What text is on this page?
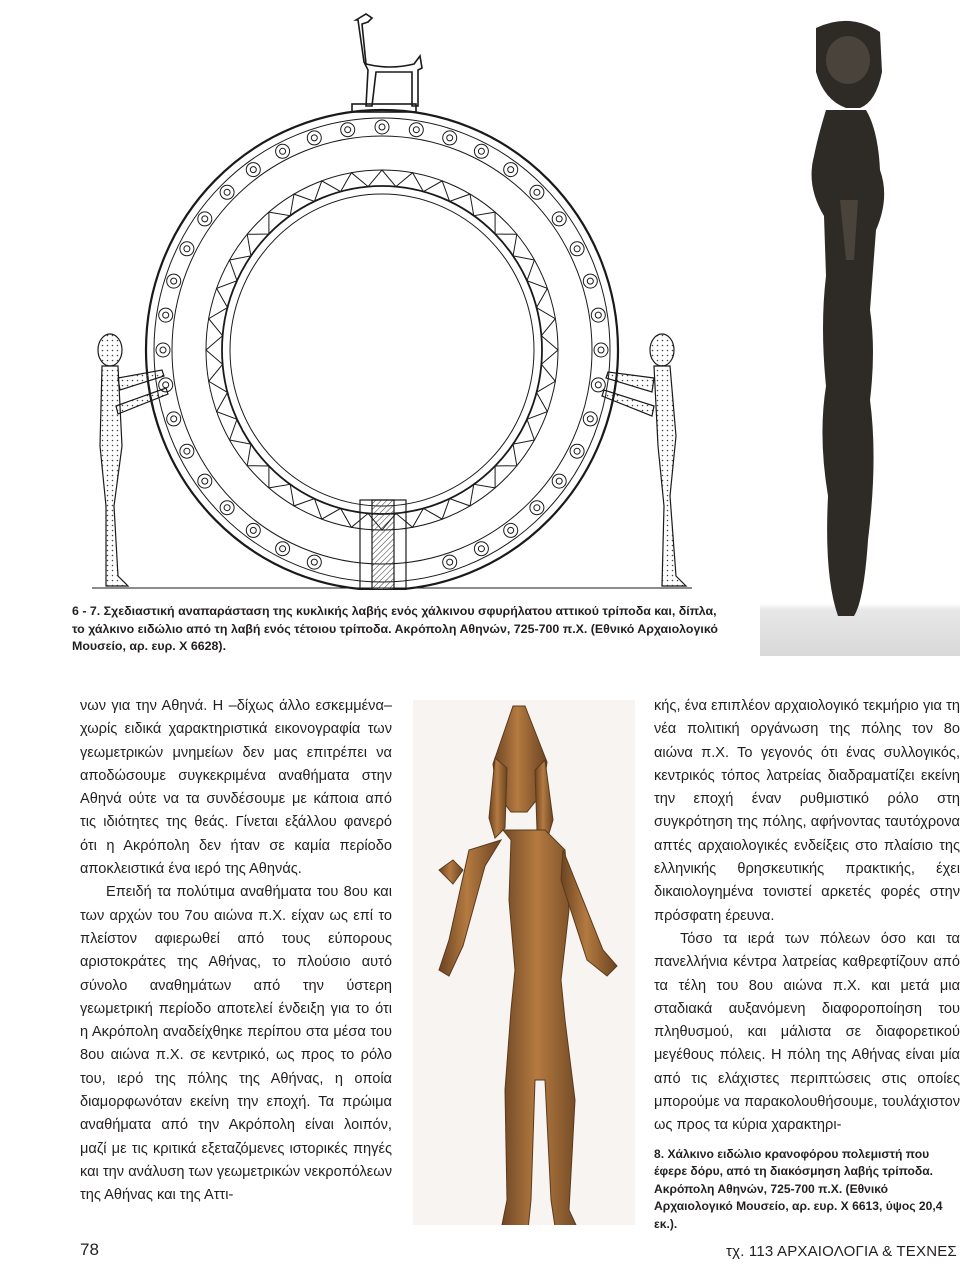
6 - 7. Σχεδιαστική αναπαράσταση της κυκλικής λαβής ενός χάλκινου σφυρήλατου αττικού τρίποδα και, δίπλα, το χάλκινο ειδώλιο από τη λαβή ενός τέτοιου τρίποδα. Ακρόπολη Αθηνών, 725-700 π.Χ. (Εθνικό Αρχαιολογικό Μουσείο, αρ. ευρ. Χ 6628).

νων για την Αθηνά. Η –δίχως άλλο εσκεμμένα– χωρίς ειδικά χαρακτηριστικά εικονογραφία των γεωμετρικών μνημείων δεν μας επιτρέπει να αποδώσουμε συγκεκριμένα αναθήματα στην Αθηνά ούτε να τα συνδέσουμε με κάποια από τις ιδιότητες της θεάς. Γίνεται εξάλλου φανερό ότι η Ακρόπολη δεν ήταν σε καμία περίοδο αποκλειστικά ένα ιερό της Αθηνάς.

Επειδή τα πολύτιμα αναθήματα του 8ου και των αρχών του 7ου αιώνα π.Χ. είχαν ως επί το πλείστον αφιερωθεί από τους εύπορους αριστοκράτες της Αθήνας, το πλούσιο αυτό σύνολο αναθημάτων από την ύστερη γεωμετρική περίοδο αποτελεί ένδειξη για το ότι η Ακρόπολη αναδείχθηκε περίπου στα μέσα του 8ου αιώνα π.Χ. σε κεντρικό, ως προς το ρόλο του, ιερό της πόλης της Αθήνας, η οποία διαμορφωνόταν εκείνη την εποχή. Τα πρώιμα αναθήματα από την Ακρόπολη είναι λοιπόν, μαζί με τις κριτικά εξεταζόμενες ιστορικές πηγές και την ανάλυση των γεωμετρικών νεκροπόλεων της Αθήνας και της Αττι-

κής, ένα επιπλέον αρχαιολογικό τεκμήριο για τη νέα πολιτική οργάνωση της πόλης τον 8ο αιώνα π.Χ. Το γεγονός ότι ένας συλλογικός, κεντρικός τόπος λατρείας διαδραματίζει εκείνη την εποχή έναν ρυθμιστικό ρόλο στη συγκρότηση της πόλης, αφήνοντας ταυτόχρονα απτές αρχαιολογικές ενδείξεις στο πλαίσιο της ελληνικής θρησκευτικής πρακτικής, έχει δικαιολογημένα τονιστεί αρκετές φορές στην πρόσφατη έρευνα.

Τόσο τα ιερά των πόλεων όσο και τα πανελλήνια κέντρα λατρείας καθρεφτίζουν από τα τέλη του 8ου αιώνα π.Χ. και μετά μια σταδιακά αυξανόμενη διαφοροποίηση του πληθυσμού, και μάλιστα σε διαφορετικού μεγέθους πόλεις. Η πόλη της Αθήνας είναι μία από τις ελάχιστες περιπτώσεις στις οποίες μπορούμε να παρακολουθήσουμε, τουλάχιστον ως προς τα κύρια χαρακτηρι-

8. Χάλκινο ειδώλιο κρανοφόρου πολεμιστή που έφερε δόρυ, από τη διακόσμηση λαβής τρίποδα. Ακρόπολη Αθηνών, 725-700 π.Χ. (Εθνικό Αρχαιολογικό Μουσείο, αρ. ευρ. Χ 6613, ύψος 20,4 εκ.).
78	τχ. 113 ΑΡΧΑΙΟΛΟΓΙΑ & ΤΕΧΝΕΣ
